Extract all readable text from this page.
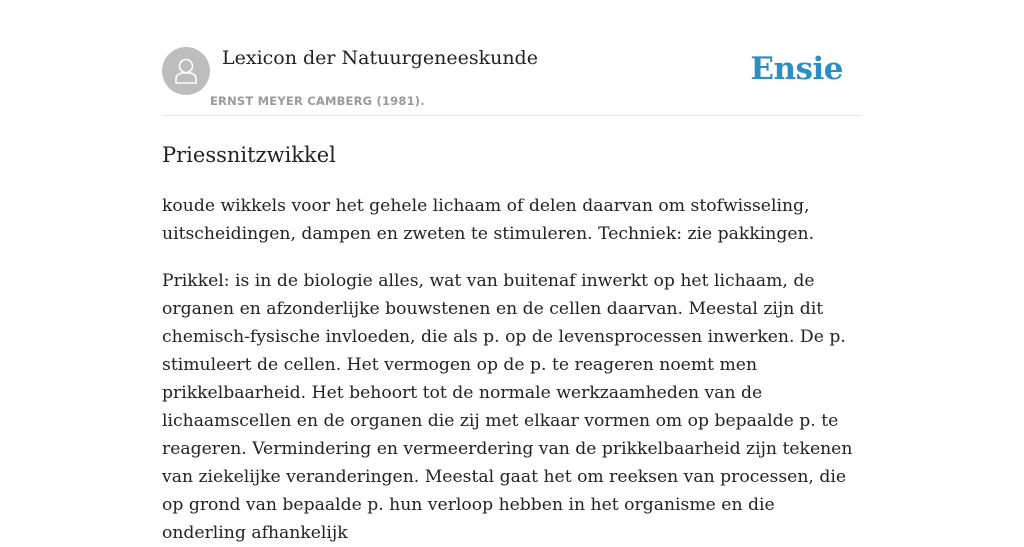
Lexicon der Natuurgeneeskunde
ERNST MEYER CAMBERG (1981).
Ensie
Priessnitzwikkel

koude wikkels voor het gehele lichaam of delen daarvan om stofwisseling, uitscheidingen, dampen en zweten te stimuleren. Techniek: zie pakkingen.

Prikkel: is in de biologie alles, wat van buitenaf inwerkt op het lichaam, de organen en afzonderlijke bouwstenen en de cellen daarvan. Meestal zijn dit chemisch-fysische invloeden, die als p. op de levensprocessen inwerken. De p. stimuleert de cellen. Het vermogen op de p. te reageren noemt men prikkelbaarheid. Het behoort tot de normale werkzaamheden van de lichaamscellen en de organen die zij met elkaar vormen om op bepaalde p. te reageren. Vermindering en vermeerdering van de prikkelbaarheid zijn tekenen van ziekelijke veranderingen. Meestal gaat het om reeksen van processen, die op grond van bepaalde p. hun verloop hebben in het organisme en die onderling afhankelijk
